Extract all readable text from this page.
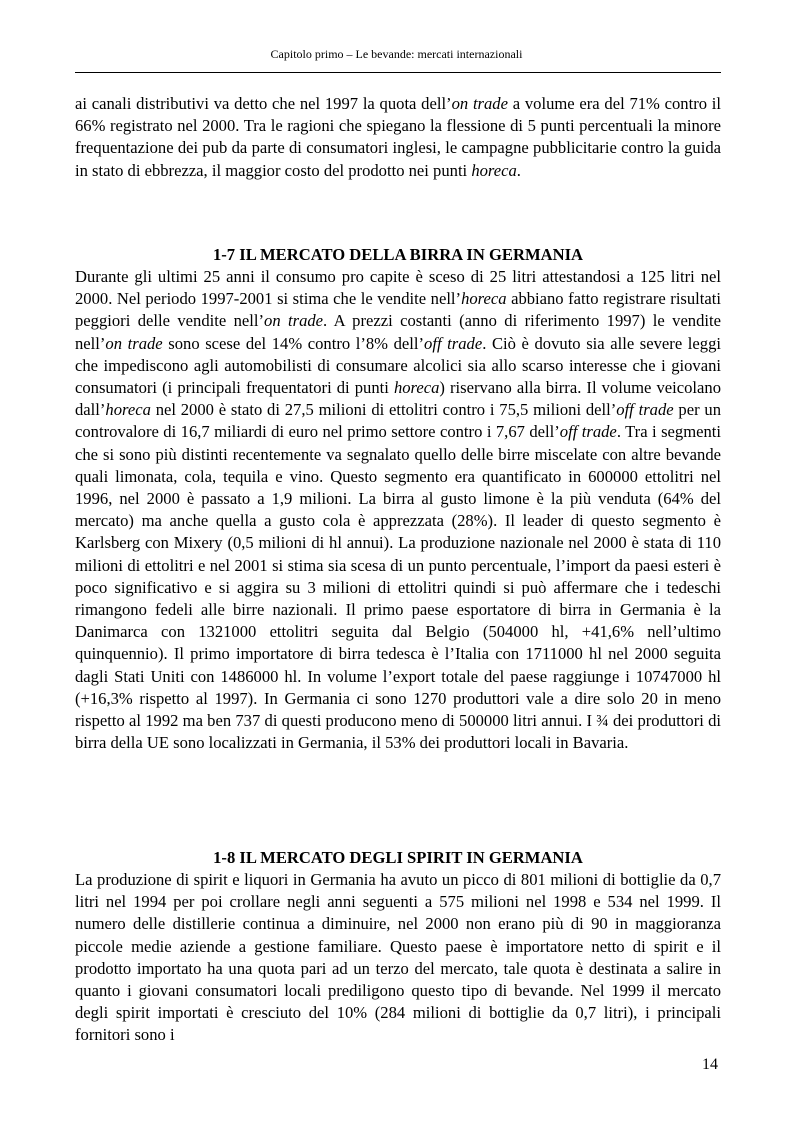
Capitolo primo – Le bevande: mercati internazionali

ai canali distributivi va detto che nel 1997 la quota dell’on trade a volume era del 71% contro il 66% registrato nel 2000. Tra le ragioni che spiegano la flessione di 5 punti percentuali la minore frequentazione dei pub da parte di consumatori inglesi, le campagne pubblicitarie contro la guida in stato di ebbrezza, il maggior costo del prodotto nei punti horeca.

1-7 IL MERCATO DELLA BIRRA IN GERMANIA

Durante gli ultimi 25 anni il consumo pro capite è sceso di 25 litri attestandosi a 125 litri nel 2000. Nel periodo 1997-2001 si stima che le vendite nell’horeca abbiano fatto registrare risultati peggiori delle vendite nell’on trade. A prezzi costanti (anno di riferimento 1997) le vendite nell’on trade sono scese del 14% contro l’8% dell’off trade. Ciò è dovuto sia alle severe leggi che impediscono agli automobilisti di consumare alcolici sia allo scarso interesse che i giovani consumatori (i principali frequentatori di punti horeca) riservano alla birra. Il volume veicolano dall’horeca nel 2000 è stato di 27,5 milioni di ettolitri contro i 75,5 milioni dell’off trade per un controvalore di 16,7 miliardi di euro nel primo settore contro i 7,67 dell’off trade. Tra i segmenti che si sono più distinti recentemente va segnalato quello delle birre miscelate con altre bevande quali limonata, cola, tequila e vino. Questo segmento era quantificato in 600000 ettolitri nel 1996, nel 2000 è passato a 1,9 milioni. La birra al gusto limone è la più venduta (64% del mercato) ma anche quella a gusto cola è apprezzata (28%). Il leader di questo segmento è Karlsberg con Mixery (0,5 milioni di hl annui). La produzione nazionale nel 2000 è stata di 110 milioni di ettolitri e nel 2001 si stima sia scesa di un punto percentuale, l’import da paesi esteri è poco significativo e si aggira su 3 milioni di ettolitri quindi si può affermare che i tedeschi rimangono fedeli alle birre nazionali. Il primo paese esportatore di birra in Germania è la Danimarca con 1321000 ettolitri seguita dal Belgio (504000 hl, +41,6% nell’ultimo quinquennio). Il primo importatore di birra tedesca è l’Italia con 1711000 hl nel 2000 seguita dagli Stati Uniti con 1486000 hl. In volume l’export totale del paese raggiunge i 10747000 hl (+16,3% rispetto al 1997). In Germania ci sono 1270 produttori vale a dire solo 20 in meno rispetto al 1992 ma ben 737 di questi producono meno di 500000 litri annui. I ¾ dei produttori di birra della UE sono localizzati in Germania, il 53% dei produttori locali in Bavaria.

1-8 IL MERCATO DEGLI SPIRIT IN GERMANIA

La produzione di spirit e liquori in Germania ha avuto un picco di 801 milioni di bottiglie da 0,7 litri nel 1994 per poi crollare negli anni seguenti a 575 milioni nel 1998 e 534 nel 1999. Il numero delle distillerie continua a diminuire, nel 2000 non erano più di 90 in maggioranza piccole medie aziende a gestione familiare. Questo paese è importatore netto di spirit e il prodotto importato ha una quota pari ad un terzo del mercato, tale quota è destinata a salire in quanto i giovani consumatori locali prediligono questo tipo di bevande. Nel 1999 il mercato degli spirit importati è cresciuto del 10% (284 milioni di bottiglie da 0,7 litri), i principali fornitori sono i

14
